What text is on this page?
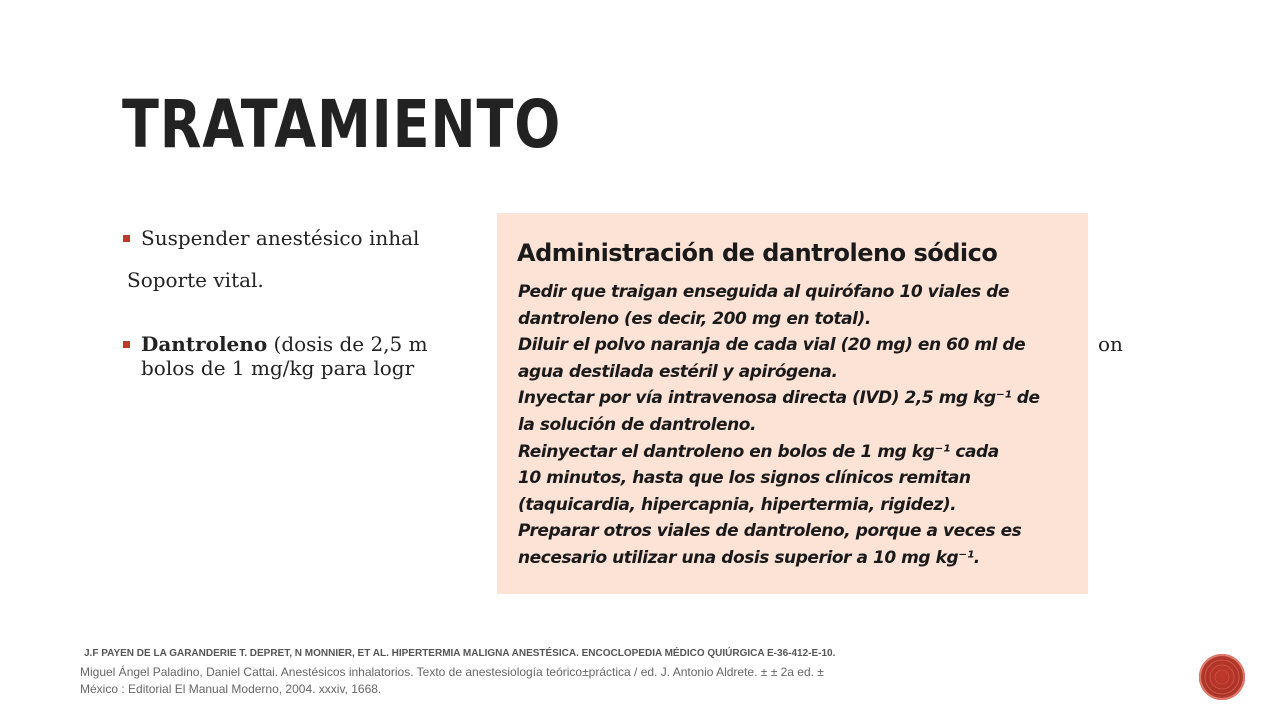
TRATAMIENTO
Suspender anestésico inhal
Soporte vital.
Dantroleno (dosis de 2,5 m	on
bolos de 1 mg/kg para logr
Administración de dantroleno sódico
Pedir que traigan enseguida al quirófano 10 viales de
dantroleno (es decir, 200 mg en total).
Diluir el polvo naranja de cada vial (20 mg) en 60 ml de
agua destilada estéril y apirógena.
Inyectar por vía intravenosa directa (IVD) 2,5 mg kg⁻¹ de
la solución de dantroleno.
Reinyectar el dantroleno en bolos de 1 mg kg⁻¹ cada
10 minutos, hasta que los signos clínicos remitan
(taquicardia, hipercapnia, hipertermia, rigidez).
Preparar otros viales de dantroleno, porque a veces es
necesario utilizar una dosis superior a 10 mg kg⁻¹.
J.F PAYEN DE LA GARANDERIE T. DEPRET, N MONNIER, ET AL. HIPERTERMIA MALIGNA ANESTÉSICA. ENCOCLOPEDIA MÉDICO QUIÚRGICA E-36-412-E-10.
Miguel Ángel Paladino, Daniel Cattai. Anestésicos inhalatorios. Texto de anestesiología teórico±práctica / ed. J. Antonio Aldrete. ± ± 2a ed. ±
México : Editorial El Manual Moderno, 2004. xxxiv, 1668.
